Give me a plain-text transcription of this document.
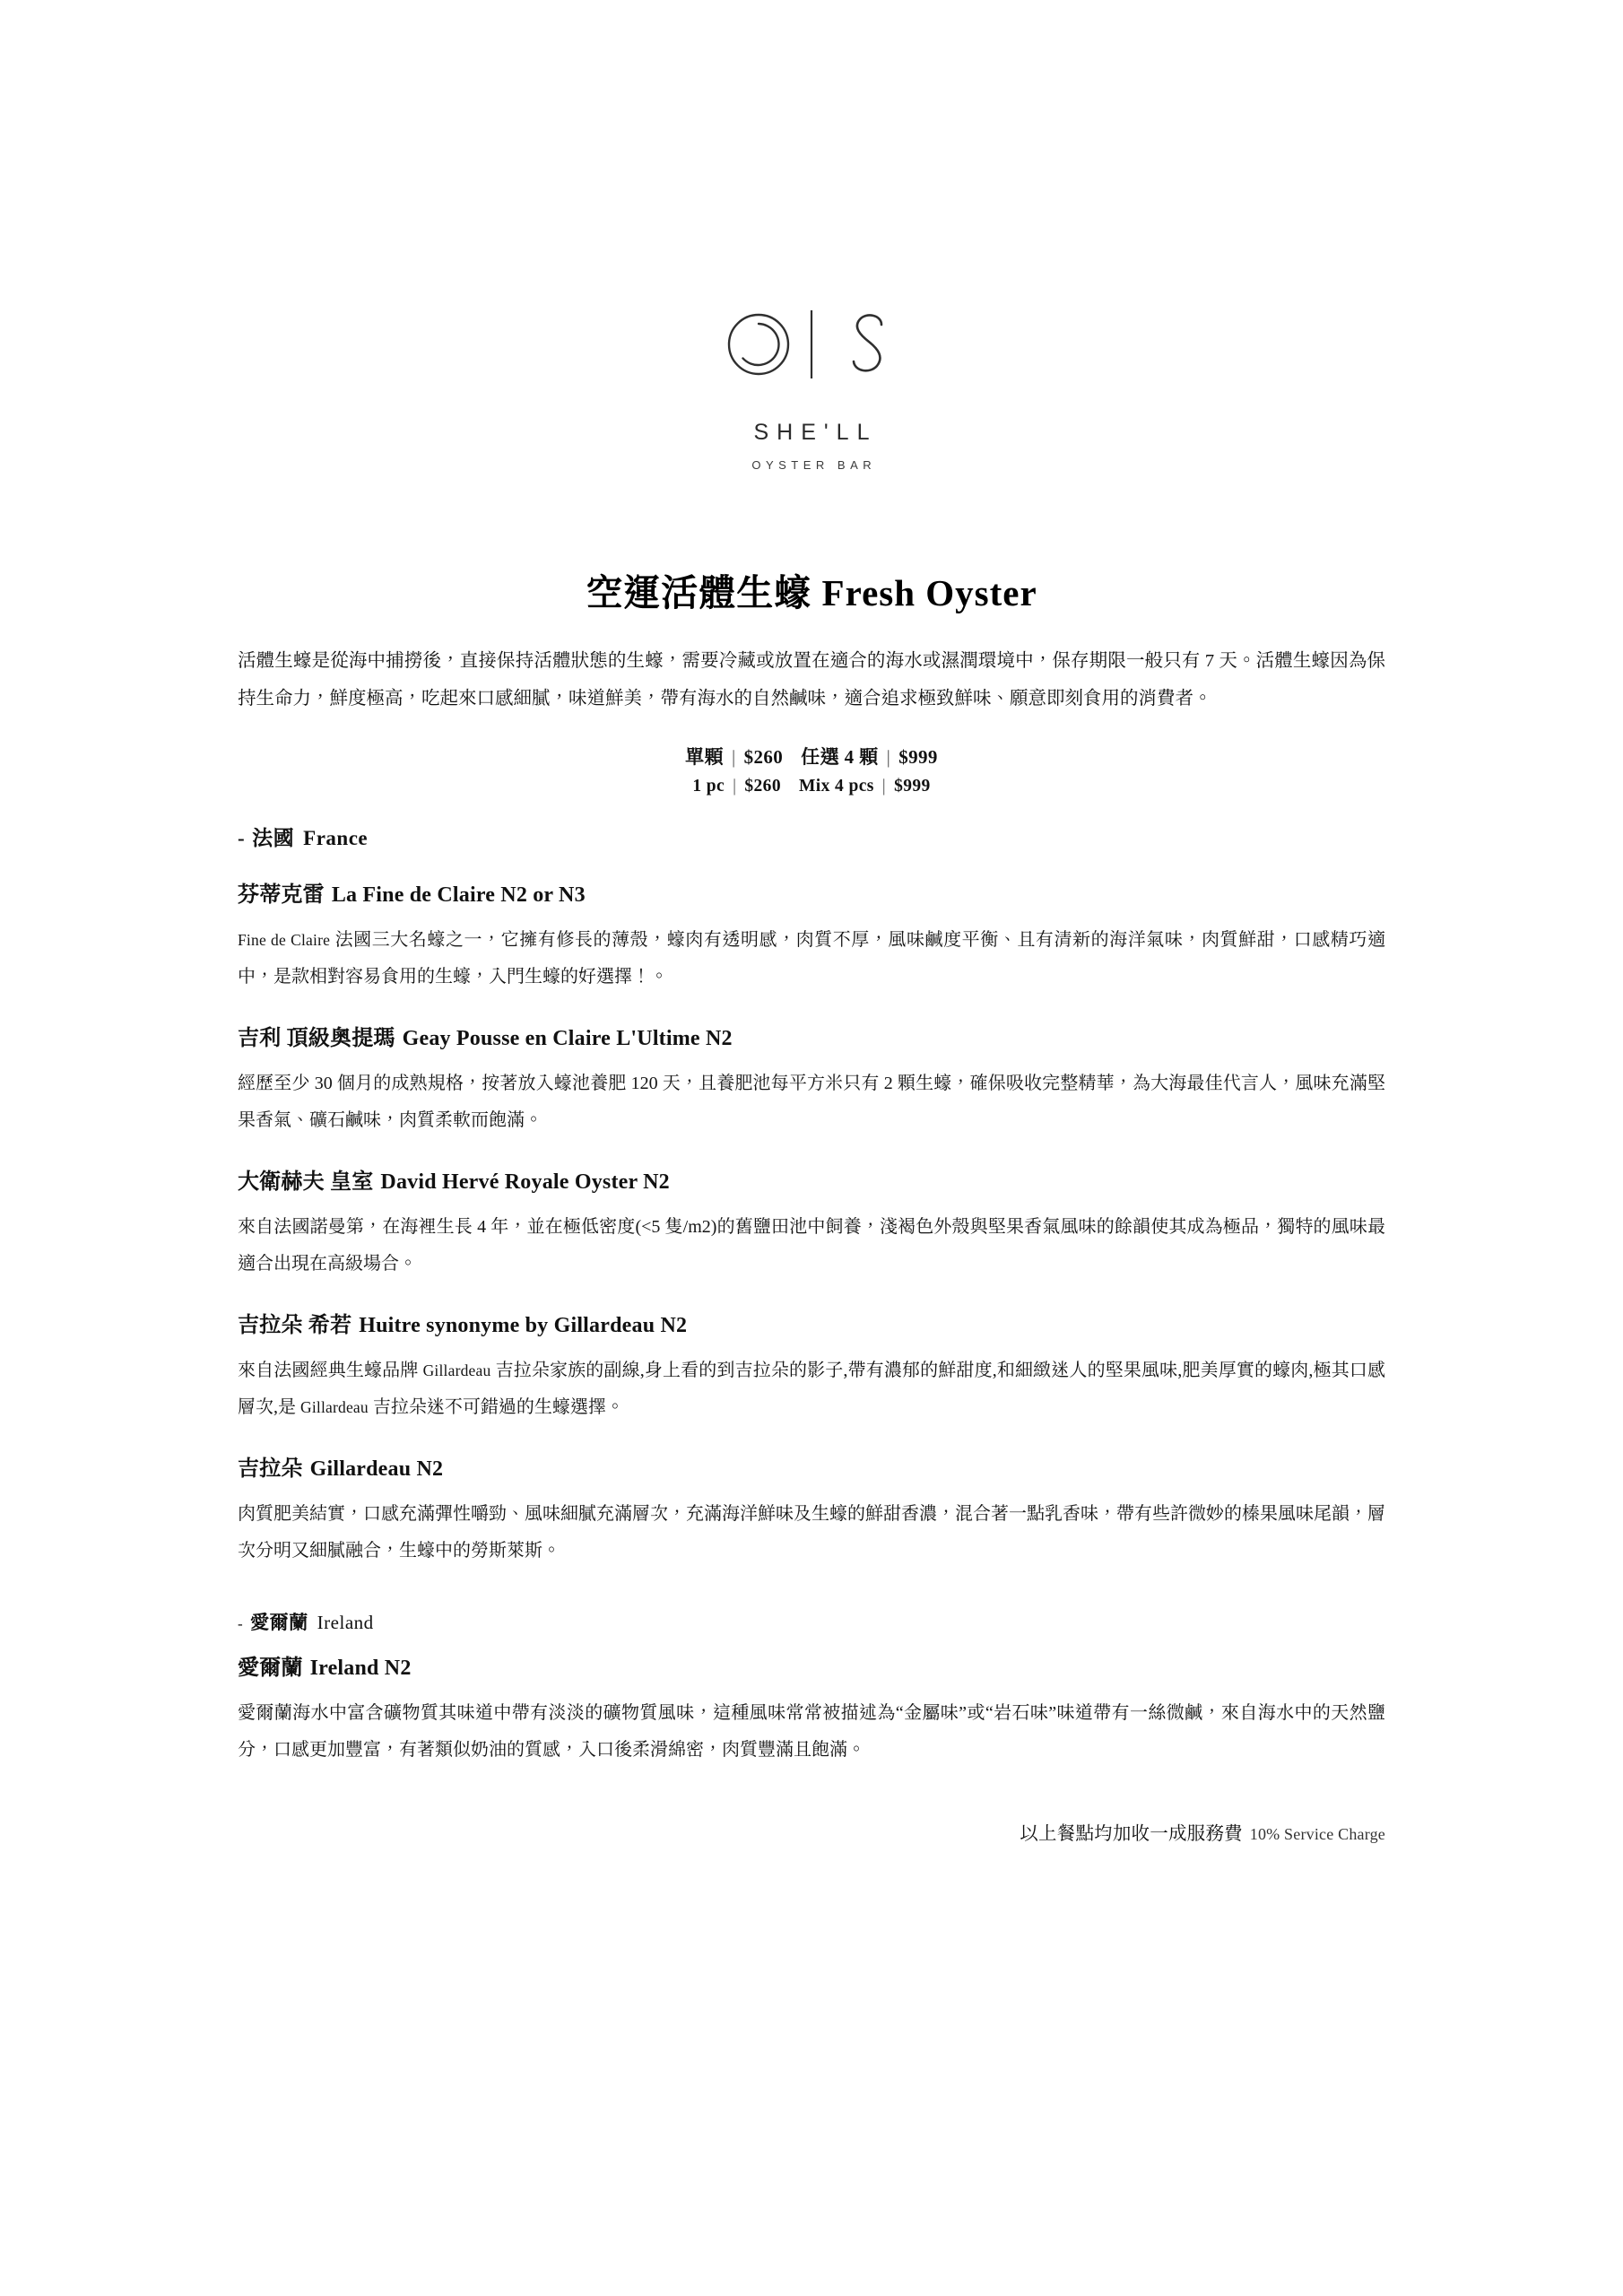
SHE'LL
OYSTER BAR
空運活體生蠔 Fresh Oyster

活體生蠔是從海中捕撈後，直接保持活體狀態的生蠔，需要冷藏或放置在適合的海水或濕潤環境中，保存期限一般只有 7 天。活體生蠔因為保持生命力，鮮度極高，吃起來口感細膩，味道鮮美，帶有海水的自然鹹味，適合追求極致鮮味、願意即刻食用的消費者。

單顆 | $260 任選 4 顆 | $999
1 pc | $260 Mix 4 pcs | $999
- 法國 France
芬蒂克雷 La Fine de Claire N2 or N3

Fine de Claire 法國三大名蠔之一，它擁有修長的薄殼，蠔肉有透明感，肉質不厚，風味鹹度平衡、且有清新的海洋氣味，肉質鮮甜，口感精巧適中，是款相對容易食用的生蠔，入門生蠔的好選擇！。

吉利 頂級奧提瑪 Geay Pousse en Claire L'Ultime N2

經歷至少 30 個月的成熟規格，按著放入蠔池養肥 120 天，且養肥池每平方米只有 2 顆生蠔，確保吸收完整精華，為大海最佳代言人，風味充滿堅果香氣、礦石鹹味，肉質柔軟而飽滿。

大衛赫夫 皇室 David Hervé Royale Oyster N2

來自法國諾曼第，在海裡生長 4 年，並在極低密度(<5 隻/m2)的舊鹽田池中飼養，淺褐色外殼與堅果香氣風味的餘韻使其成為極品，獨特的風味最適合出現在高級場合。

吉拉朵 希若 Huitre synonyme by Gillardeau N2

來自法國經典生蠔品牌 Gillardeau 吉拉朵家族的副線,身上看的到吉拉朵的影子,帶有濃郁的鮮甜度,和細緻迷人的堅果風味,肥美厚實的蠔肉,極其口感層次,是 Gillardeau 吉拉朵迷不可錯過的生蠔選擇。

吉拉朵 Gillardeau N2

肉質肥美結實，口感充滿彈性嚼勁、風味細膩充滿層次，充滿海洋鮮味及生蠔的鮮甜香濃，混合著一點乳香味，帶有些許微妙的榛果風味尾韻，層次分明又細膩融合，生蠔中的勞斯萊斯。

- 愛爾蘭 Ireland
愛爾蘭 Ireland N2

愛爾蘭海水中富含礦物質其味道中帶有淡淡的礦物質風味，這種風味常常被描述為“金屬味”或“岩石味”味道帶有一絲微鹹，來自海水中的天然鹽分，口感更加豐富，有著類似奶油的質感，入口後柔滑綿密，肉質豐滿且飽滿。

以上餐點均加收一成服務費 10% Service Charge
